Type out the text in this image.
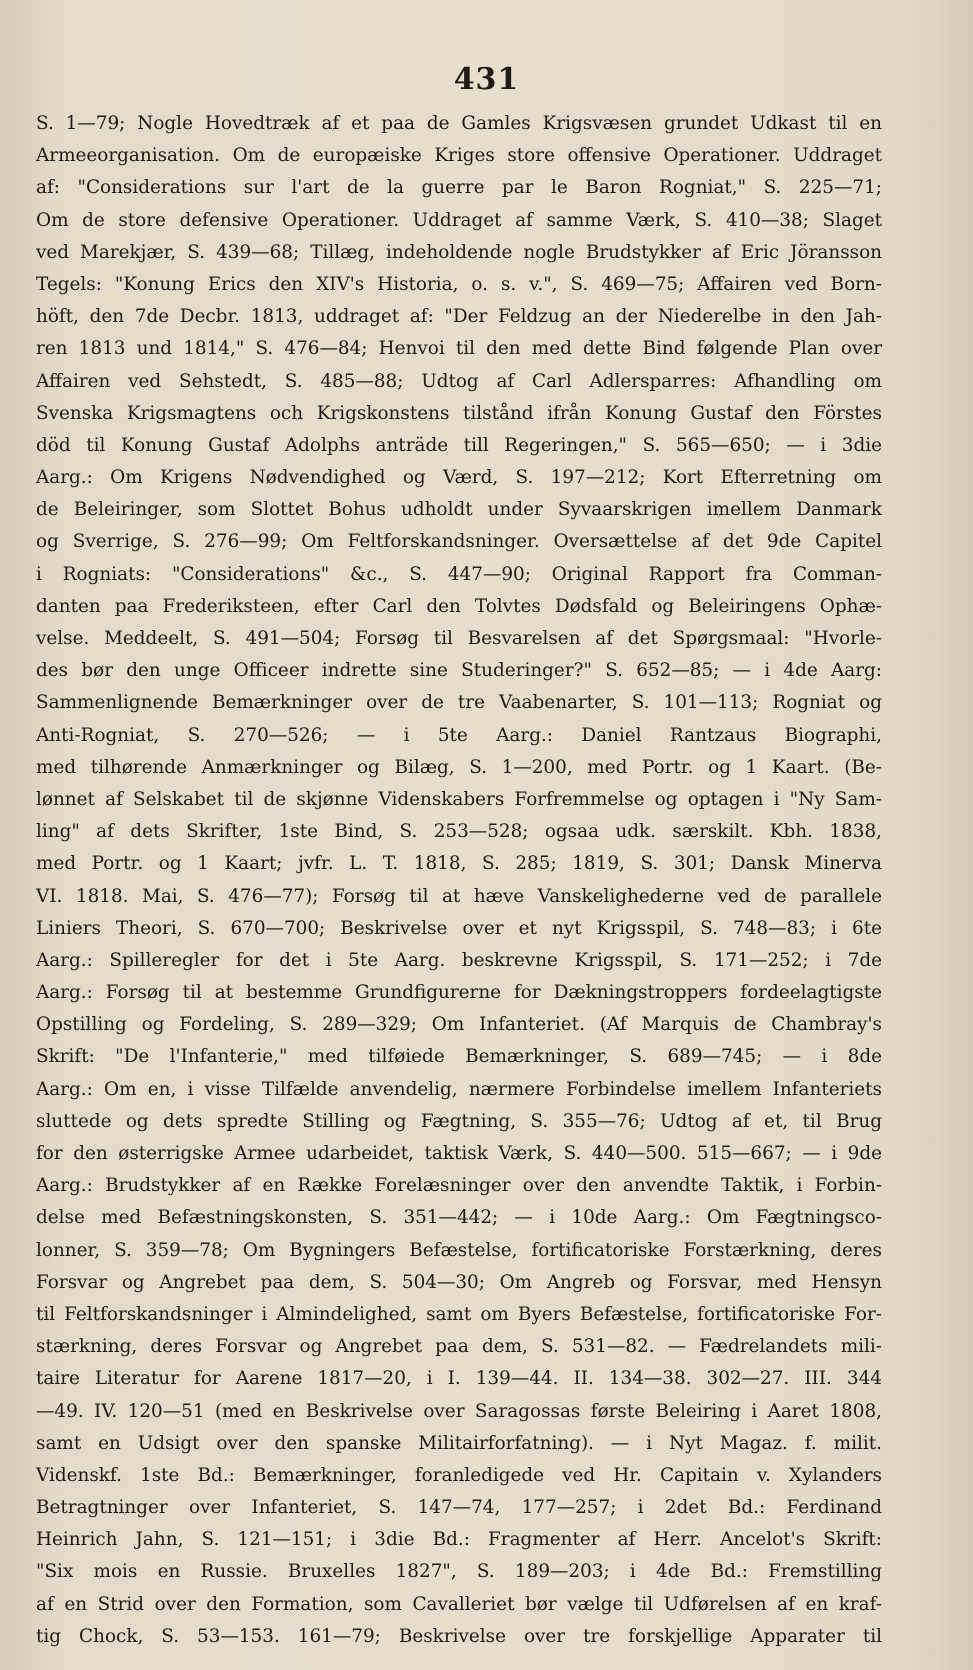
431
S. 1—79; Nogle Hovedtræk af et paa de Gamles Krigsvæsen grundet Udkast til en
Armeeorganisation. Om de europæiske Kriges store offensive Operationer. Uddraget
af: "Considerations sur l'art de la guerre par le Baron Rogniat," S. 225—71;
Om de store defensive Operationer. Uddraget af samme Værk, S. 410—38; Slaget
ved Marekjær, S. 439—68; Tillæg, indeholdende nogle Brudstykker af Eric Jöransson
Tegels: "Konung Erics den XIV's Historia, o. s. v.", S. 469—75; Affairen ved Born-
höft, den 7de Decbr. 1813, uddraget af: "Der Feldzug an der Niederelbe in den Jah-
ren 1813 und 1814," S. 476—84; Henvoi til den med dette Bind følgende Plan over
Affairen ved Sehstedt, S. 485—88; Udtog af Carl Adlersparres: Afhandling om
Svenska Krigsmagtens och Krigskonstens tilstånd ifrån Konung Gustaf den Förstes
död til Konung Gustaf Adolphs anträde till Regeringen," S. 565—650; — i 3die
Aarg.: Om Krigens Nødvendighed og Værd, S. 197—212; Kort Efterretning om
de Beleiringer, som Slottet Bohus udholdt under Syvaarskrigen imellem Danmark
og Sverrige, S. 276—99; Om Feltforskandsninger. Oversættelse af det 9de Capitel
i Rogniats: "Considerations" &c., S. 447—90; Original Rapport fra Comman-
danten paa Frederiksteen, efter Carl den Tolvtes Dødsfald og Beleiringens Ophæ-
velse. Meddeelt, S. 491—504; Forsøg til Besvarelsen af det Spørgsmaal: "Hvorle-
des bør den unge Officeer indrette sine Studeringer?" S. 652—85; — i 4de Aarg:
Sammenlignende Bemærkninger over de tre Vaabenarter, S. 101—113; Rogniat og
Anti-Rogniat, S. 270—526; — i 5te Aarg.: Daniel Rantzaus Biographi,
med tilhørende Anmærkninger og Bilæg, S. 1—200, med Portr. og 1 Kaart. (Be-
lønnet af Selskabet til de skjønne Videnskabers Forfremmelse og optagen i "Ny Sam-
ling" af dets Skrifter, 1ste Bind, S. 253—528; ogsaa udk. særskilt. Kbh. 1838,
med Portr. og 1 Kaart; jvfr. L. T. 1818, S. 285; 1819, S. 301; Dansk Minerva
VI. 1818. Mai, S. 476—77); Forsøg til at hæve Vanskelighederne ved de parallele
Liniers Theori, S. 670—700; Beskrivelse over et nyt Krigsspil, S. 748—83; i 6te
Aarg.: Spilleregler for det i 5te Aarg. beskrevne Krigsspil, S. 171—252; i 7de
Aarg.: Forsøg til at bestemme Grundfigurerne for Dækningstroppers fordeelagtigste
Opstilling og Fordeling, S. 289—329; Om Infanteriet. (Af Marquis de Chambray's
Skrift: "De l'Infanterie," med tilføiede Bemærkninger, S. 689—745; — i 8de
Aarg.: Om en, i visse Tilfælde anvendelig, nærmere Forbindelse imellem Infanteriets
sluttede og dets spredte Stilling og Fægtning, S. 355—76; Udtog af et, til Brug
for den østerrigske Armee udarbeidet, taktisk Værk, S. 440—500. 515—667; — i 9de
Aarg.: Brudstykker af en Række Forelæsninger over den anvendte Taktik, i Forbin-
delse med Befæstningskonsten, S. 351—442; — i 10de Aarg.: Om Fægtningsco-
lonner, S. 359—78; Om Bygningers Befæstelse, fortificatoriske Forstærkning, deres
Forsvar og Angrebet paa dem, S. 504—30; Om Angreb og Forsvar, med Hensyn
til Feltforskandsninger i Almindelighed, samt om Byers Befæstelse, fortificatoriske For-
stærkning, deres Forsvar og Angrebet paa dem, S. 531—82. — Fædrelandets mili-
taire Literatur for Aarene 1817—20, i I. 139—44. II. 134—38. 302—27. III. 344
—49. IV. 120—51 (med en Beskrivelse over Saragossas første Beleiring i Aaret 1808,
samt en Udsigt over den spanske Militairforfatning). — i Nyt Magaz. f. milit.
Videnskf. 1ste Bd.: Bemærkninger, foranledigede ved Hr. Capitain v. Xylanders
Betragtninger over Infanteriet, S. 147—74, 177—257; i 2det Bd.: Ferdinand
Heinrich Jahn, S. 121—151; i 3die Bd.: Fragmenter af Herr. Ancelot's Skrift:
"Six mois en Russie. Bruxelles 1827", S. 189—203; i 4de Bd.: Fremstilling
af en Strid over den Formation, som Cavalleriet bør vælge til Udførelsen af en kraf-
tig Chock, S. 53—153. 161—79; Beskrivelse over tre forskjellige Apparater til
